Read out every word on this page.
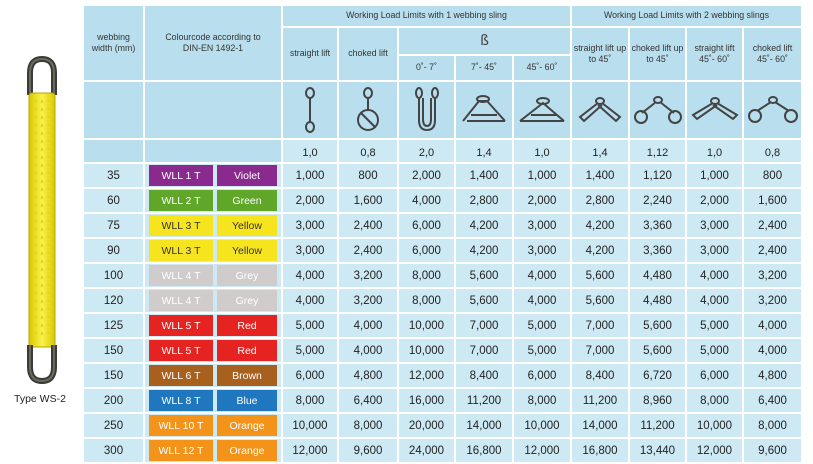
Type WS-2
webbing width (mm)	Colourcode according to DIN-EN 1492-1	Working Load Limits with 1 webbing sling					Working Load Limits with 2 webbing slings			
		straight lift	choked lift	ß			straight lift up to 45˚	choked lift up to 45˚	straight lift 45˚- 60˚	choked lift 45˚- 60˚
				0˚- 7˚	7˚- 45˚	45˚- 60˚				

		1,0	0,8	2,0	1,4	1,0	1,4	1,12	1,0	0,8
35	WLL 1 T Violet	1,000	800	2,000	1,400	1,000	1,400	1,120	1,000	800
60	WLL 2 T Green	2,000	1,600	4,000	2,800	2,000	2,800	2,240	2,000	1,600
75	WLL 3 T Yellow	3,000	2,400	6,000	4,200	3,000	4,200	3,360	3,000	2,400
90	WLL 3 T Yellow	3,000	2,400	6,000	4,200	3,000	4,200	3,360	3,000	2,400
100	WLL 4 T Grey	4,000	3,200	8,000	5,600	4,000	5,600	4,480	4,000	3,200
120	WLL 4 T Grey	4,000	3,200	8,000	5,600	4,000	5,600	4,480	4,000	3,200
125	WLL 5 T Red	5,000	4,000	10,000	7,000	5,000	7,000	5,600	5,000	4,000
150	WLL 5 T Red	5,000	4,000	10,000	7,000	5,000	7,000	5,600	5,000	4,000
150	WLL 6 T Brown	6,000	4,800	12,000	8,400	6,000	8,400	6,720	6,000	4,800
200	WLL 8 T Blue	8,000	6,400	16,000	11,200	8,000	11,200	8,960	8,000	6,400
250	WLL 10 T Orange	10,000	8,000	20,000	14,000	10,000	14,000	11,200	10,000	8,000
300	WLL 12 T Orange	12,000	9,600	24,000	16,800	12,000	16,800	13,440	12,000	9,600
